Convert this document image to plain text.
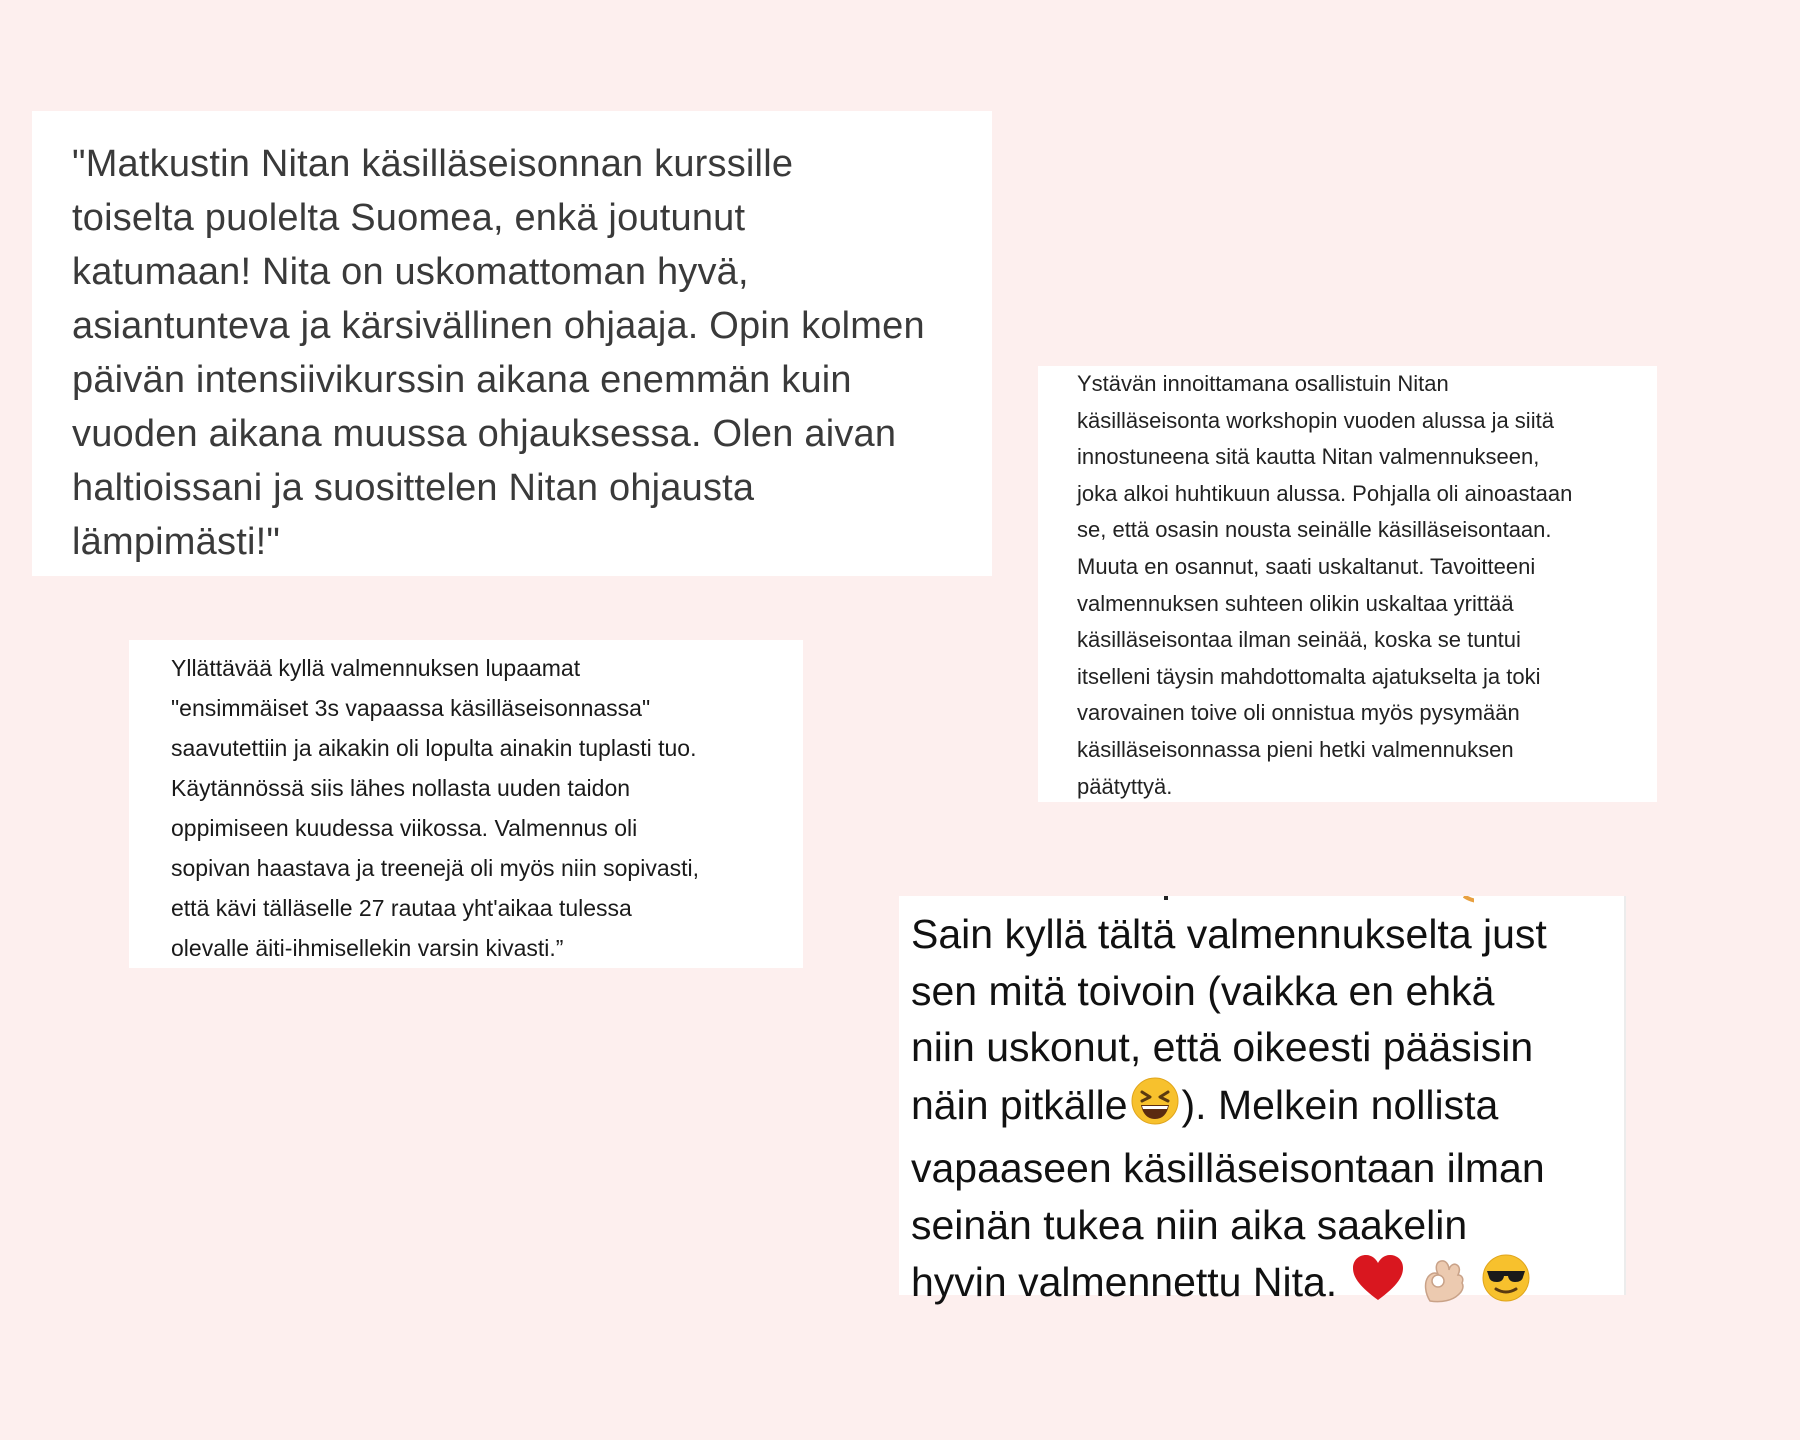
"Matkustin Nitan käsilläseisonnan kurssille
toiselta puolelta Suomea, enkä joutunut
katumaan! Nita on uskomattoman hyvä,
asiantunteva ja kärsivällinen ohjaaja. Opin kolmen
päivän intensiivikurssin aikana enemmän kuin
vuoden aikana muussa ohjauksessa. Olen aivan
haltioissani ja suosittelen Nitan ohjausta
lämpimästi!"

Ystävän innoittamana osallistuin Nitan
käsilläseisonta workshopin vuoden alussa ja siitä
innostuneena sitä kautta Nitan valmennukseen,
joka alkoi huhtikuun alussa. Pohjalla oli ainoastaan
se, että osasin nousta seinälle käsilläseisontaan.
Muuta en osannut, saati uskaltanut. Tavoitteeni
valmennuksen suhteen olikin uskaltaa yrittää
käsilläseisontaa ilman seinää, koska se tuntui
itselleni täysin mahdottomalta ajatukselta ja toki
varovainen toive oli onnistua myös pysymään
käsilläseisonnassa pieni hetki valmennuksen
päätyttyä.

Yllättävää kyllä valmennuksen lupaamat
"ensimmäiset 3s vapaassa käsilläseisonnassa"
saavutettiin ja aikakin oli lopulta ainakin tuplasti tuo.
Käytännössä siis lähes nollasta uuden taidon
oppimiseen kuudessa viikossa. Valmennus oli
sopivan haastava ja treenejä oli myös niin sopivasti,
että kävi tälläselle 27 rautaa yht'aikaa tulessa
olevalle äiti-ihmisellekin varsin kivasti.”	Sain kyllä tältä valmennukselta just
sen mitä toivoin (vaikka en ehkä
niin uskonut, että oikeesti pääsisin
näin pitkälle ). Melkein nollista
vapaaseen käsilläseisontaan ilman
seinän tukea niin aika saakelin
hyvin valmennettu Nita.
